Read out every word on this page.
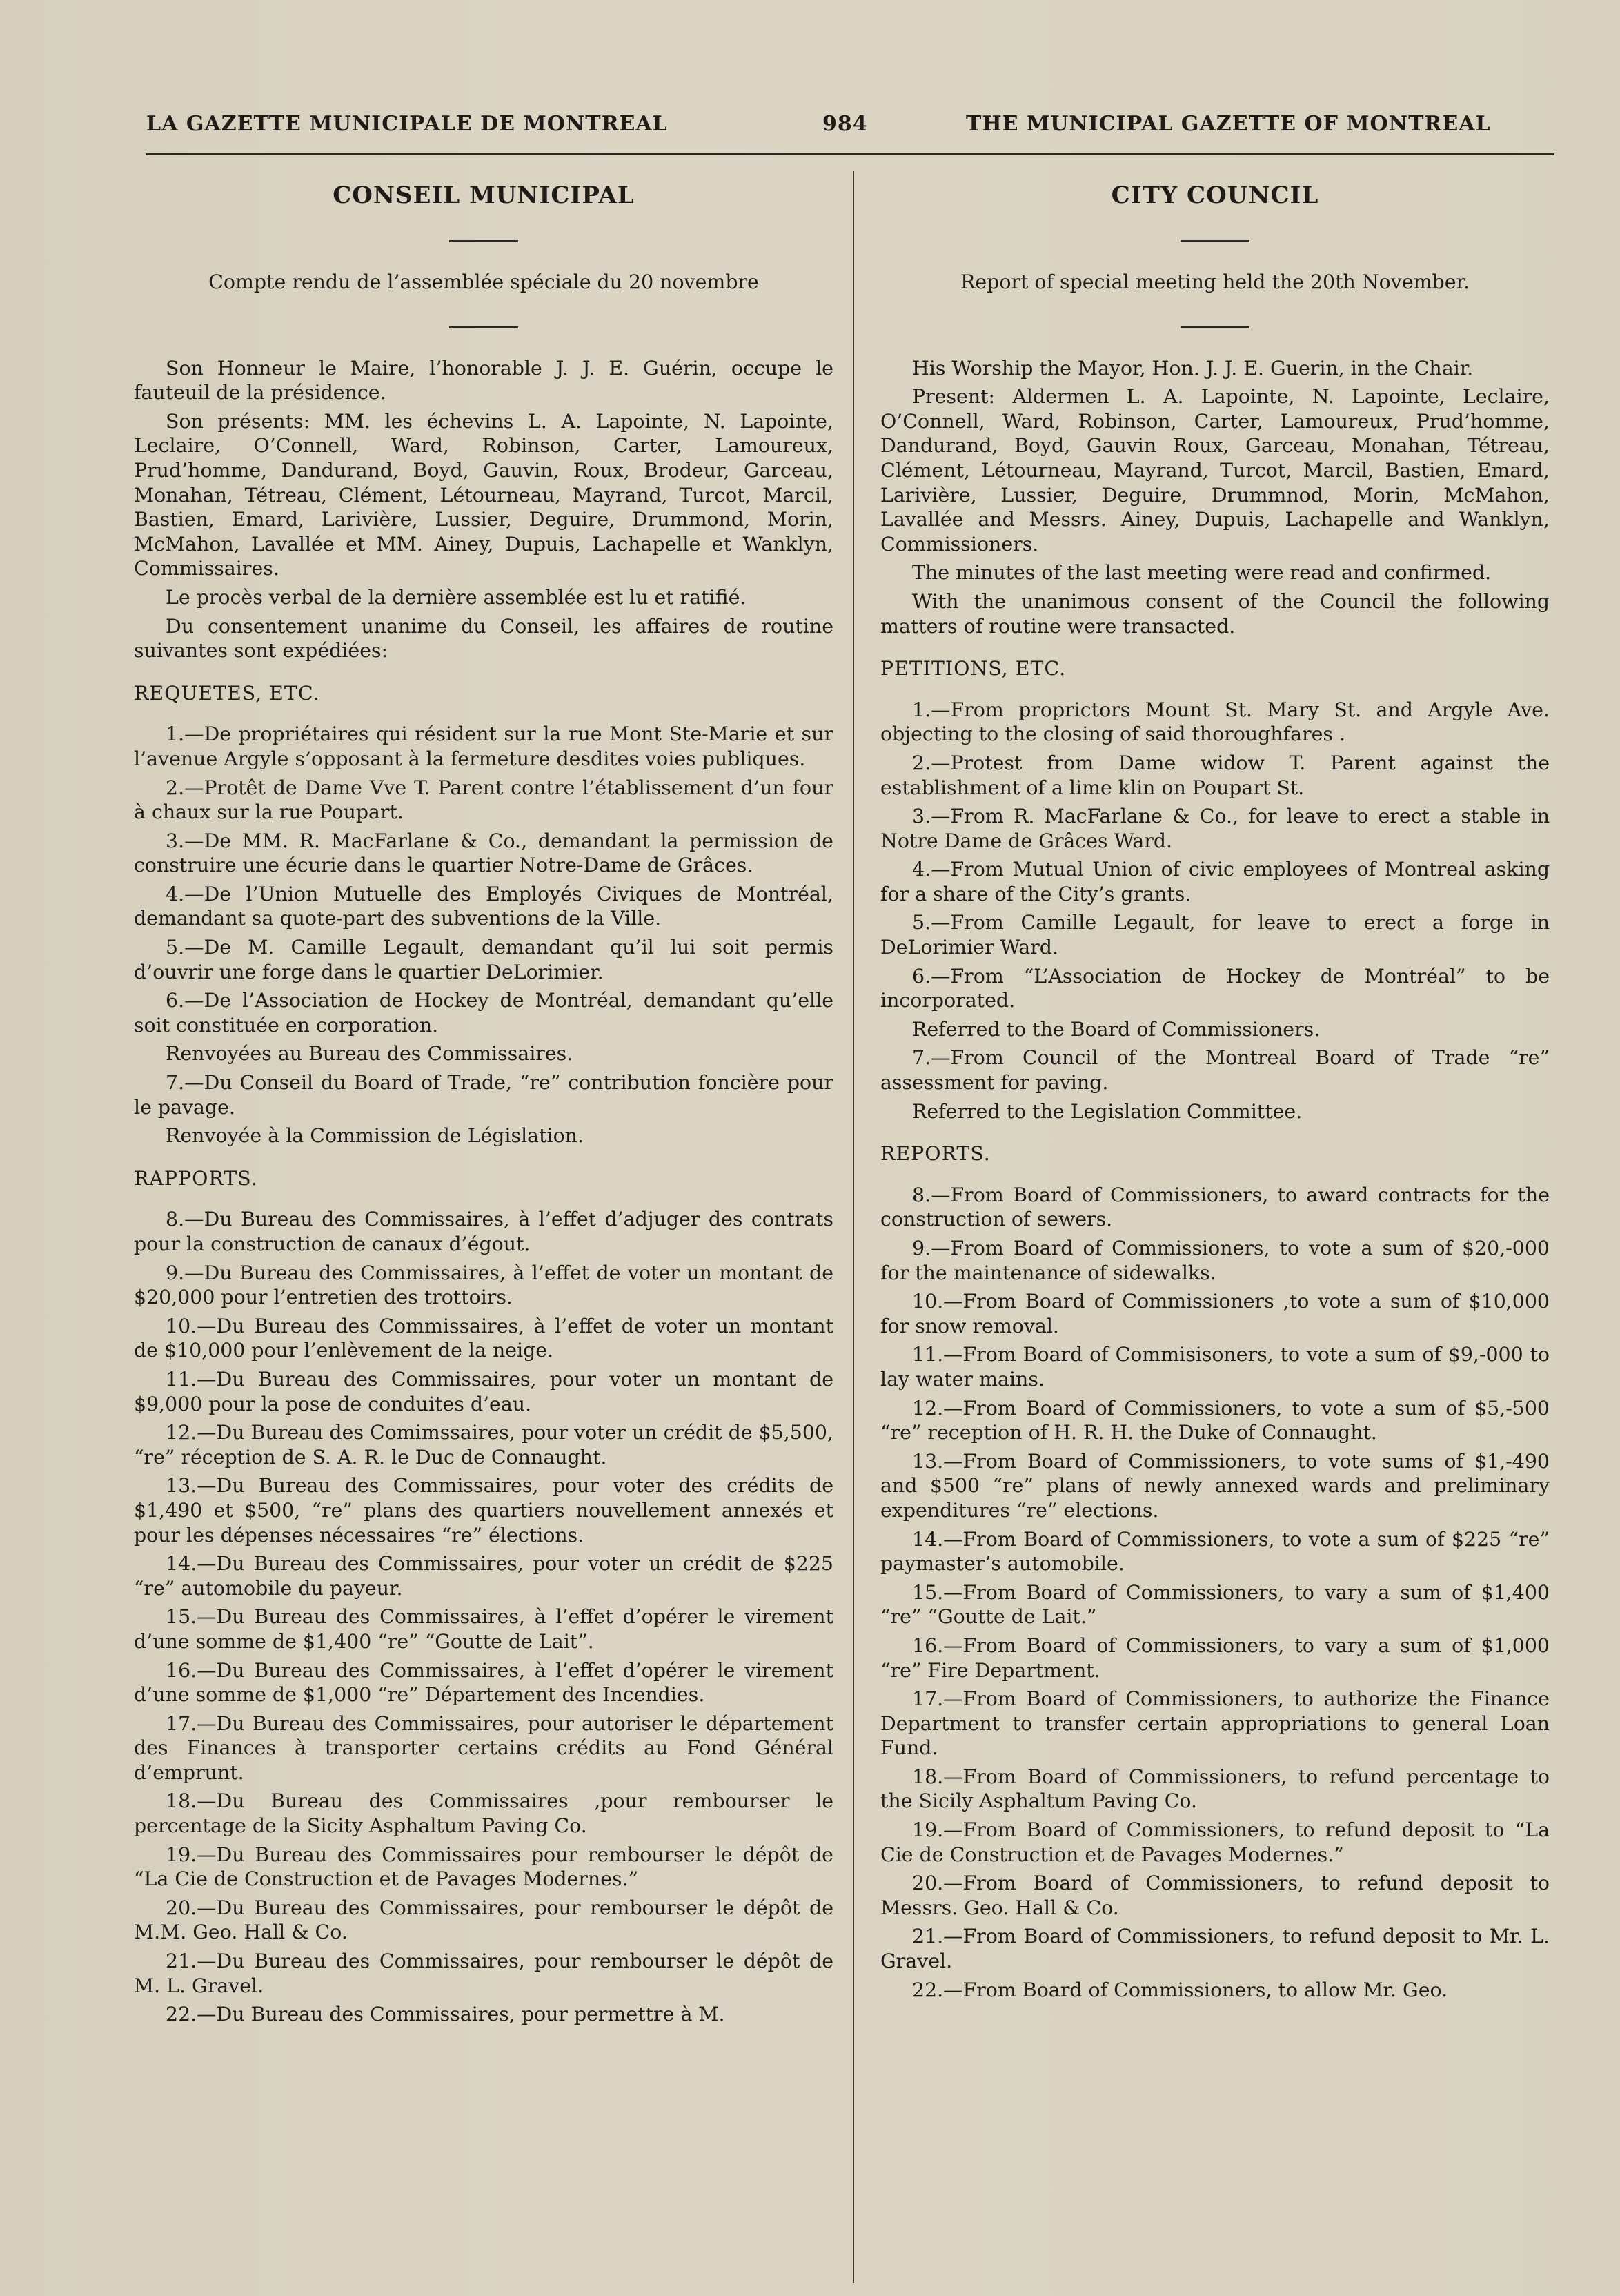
LA GAZETTE MUNICIPALE DE MONTREAL	984	THE MUNICIPAL GAZETTE OF MONTREAL
CONSEIL MUNICIPAL
Compte rendu de l’assemblée spéciale du 20 novembre

Son Honneur le Maire, l’honorable J. J. E. Guérin, occupe le fauteuil de la présidence.

Son présents: MM. les échevins L. A. Lapointe, N. Lapointe, Leclaire, O’Connell, Ward, Robinson, Carter, Lamoureux, Prud’homme, Dandurand, Boyd, Gauvin, Roux, Brodeur, Garceau, Monahan, Tétreau, Clément, Létourneau, Mayrand, Turcot, Marcil, Bastien, Emard, Larivière, Lussier, Deguire, Drummond, Morin, McMahon, Lavallée et MM. Ainey, Dupuis, Lachapelle et Wanklyn, Commissaires.

Le procès verbal de la dernière assemblée est lu et ratifié.

Du consentement unanime du Conseil, les affaires de routine suivantes sont expédiées:

REQUETES, ETC.

1.—De propriétaires qui résident sur la rue Mont Ste-Marie et sur l’avenue Argyle s’opposant à la fermeture desdites voies publiques.

2.—Protêt de Dame Vve T. Parent contre l’établissement d’un four à chaux sur la rue Poupart.

3.—De MM. R. MacFarlane & Co., demandant la permission de construire une écurie dans le quartier Notre-Dame de Grâces.

4.—De l’Union Mutuelle des Employés Civiques de Montréal, demandant sa quote-part des subventions de la Ville.

5.—De M. Camille Legault, demandant qu’il lui soit permis d’ouvrir une forge dans le quartier DeLorimier.

6.—De l’Association de Hockey de Montréal, demandant qu’elle soit constituée en corporation.

Renvoyées au Bureau des Commissaires.

7.—Du Conseil du Board of Trade, “re” contribution foncière pour le pavage.

Renvoyée à la Commission de Législation.

RAPPORTS.

8.—Du Bureau des Commissaires, à l’effet d’adjuger des contrats pour la construction de canaux d’égout.

9.—Du Bureau des Commissaires, à l’effet de voter un montant de $20,000 pour l’entretien des trottoirs.

10.—Du Bureau des Commissaires, à l’effet de voter un montant de $10,000 pour l’enlèvement de la neige.

11.—Du Bureau des Commissaires, pour voter un montant de $9,000 pour la pose de conduites d’eau.

12.—Du Bureau des Comimssaires, pour voter un crédit de $5,500, “re” réception de S. A. R. le Duc de Connaught.

13.—Du Bureau des Commissaires, pour voter des crédits de $1,490 et $500, “re” plans des quartiers nouvellement annexés et pour les dépenses nécessaires “re” élections.

14.—Du Bureau des Commissaires, pour voter un crédit de $225 “re” automobile du payeur.

15.—Du Bureau des Commissaires, à l’effet d’opérer le virement d’une somme de $1,400 “re” “Goutte de Lait”.

16.—Du Bureau des Commissaires, à l’effet d’opérer le virement d’une somme de $1,000 “re” Département des Incendies.

17.—Du Bureau des Commissaires, pour autoriser le département des Finances à transporter certains crédits au Fond Général d’emprunt.

18.—Du Bureau des Commissaires ,pour rembourser le percentage de la Sicity Asphaltum Paving Co.

19.—Du Bureau des Commissaires pour rembourser le dépôt de “La Cie de Construction et de Pavages Modernes.”

20.—Du Bureau des Commissaires, pour rembourser le dépôt de M.M. Geo. Hall & Co.

21.—Du Bureau des Commissaires, pour rembourser le dépôt de M. L. Gravel.

22.—Du Bureau des Commissaires, pour permettre à M.

CITY COUNCIL
Report of special meeting held the 20th November.

His Worship the Mayor, Hon. J. J. E. Guerin, in the Chair.

Present: Aldermen L. A. Lapointe, N. Lapointe, Leclaire, O’Connell, Ward, Robinson, Carter, Lamoureux, Prud’homme, Dandurand, Boyd, Gauvin Roux, Garceau, Monahan, Tétreau, Clément, Létourneau, Mayrand, Turcot, Marcil, Bastien, Emard, Larivière, Lussier, Deguire, Drummnod, Morin, McMahon, Lavallée and Messrs. Ainey, Dupuis, Lachapelle and Wanklyn, Commissioners.

The minutes of the last meeting were read and confirmed.

With the unanimous consent of the Council the following matters of routine were transacted.

PETITIONS, ETC.

1.—From proprictors Mount St. Mary St. and Argyle Ave. objecting to the closing of said thoroughfares .

2.—Protest from Dame widow T. Parent against the establishment of a lime klin on Poupart St.

3.—From R. MacFarlane & Co., for leave to erect a stable in Notre Dame de Grâces Ward.

4.—From Mutual Union of civic employees of Montreal asking for a share of the City’s grants.

5.—From Camille Legault, for leave to erect a forge in DeLorimier Ward.

6.—From “L’Association de Hockey de Montréal” to be incorporated.

Referred to the Board of Commissioners.

7.—From Council of the Montreal Board of Trade “re” assessment for paving.

Referred to the Legislation Committee.

REPORTS.

8.—From Board of Commissioners, to award contracts for the construction of sewers.

9.—From Board of Commissioners, to vote a sum of $20,-000 for the maintenance of sidewalks.

10.—From Board of Commissioners ,to vote a sum of $10,000 for snow removal.

11.—From Board of Commisisoners, to vote a sum of $9,-000 to lay water mains.

12.—From Board of Commissioners, to vote a sum of $5,-500 “re” reception of H. R. H. the Duke of Connaught.

13.—From Board of Commissioners, to vote sums of $1,-490 and $500 “re” plans of newly annexed wards and preliminary expenditures “re” elections.

14.—From Board of Commissioners, to vote a sum of $225 “re” paymaster’s automobile.

15.—From Board of Commissioners, to vary a sum of $1,400 “re” “Goutte de Lait.”

16.—From Board of Commissioners, to vary a sum of $1,000 “re” Fire Department.

17.—From Board of Commissioners, to authorize the Finance Department to transfer certain appropriations to general Loan Fund.

18.—From Board of Commissioners, to refund percentage to the Sicily Asphaltum Paving Co.

19.—From Board of Commissioners, to refund deposit to “La Cie de Construction et de Pavages Modernes.”

20.—From Board of Commissioners, to refund deposit to Messrs. Geo. Hall & Co.

21.—From Board of Commissioners, to refund deposit to Mr. L. Gravel.

22.—From Board of Commissioners, to allow Mr. Geo.
